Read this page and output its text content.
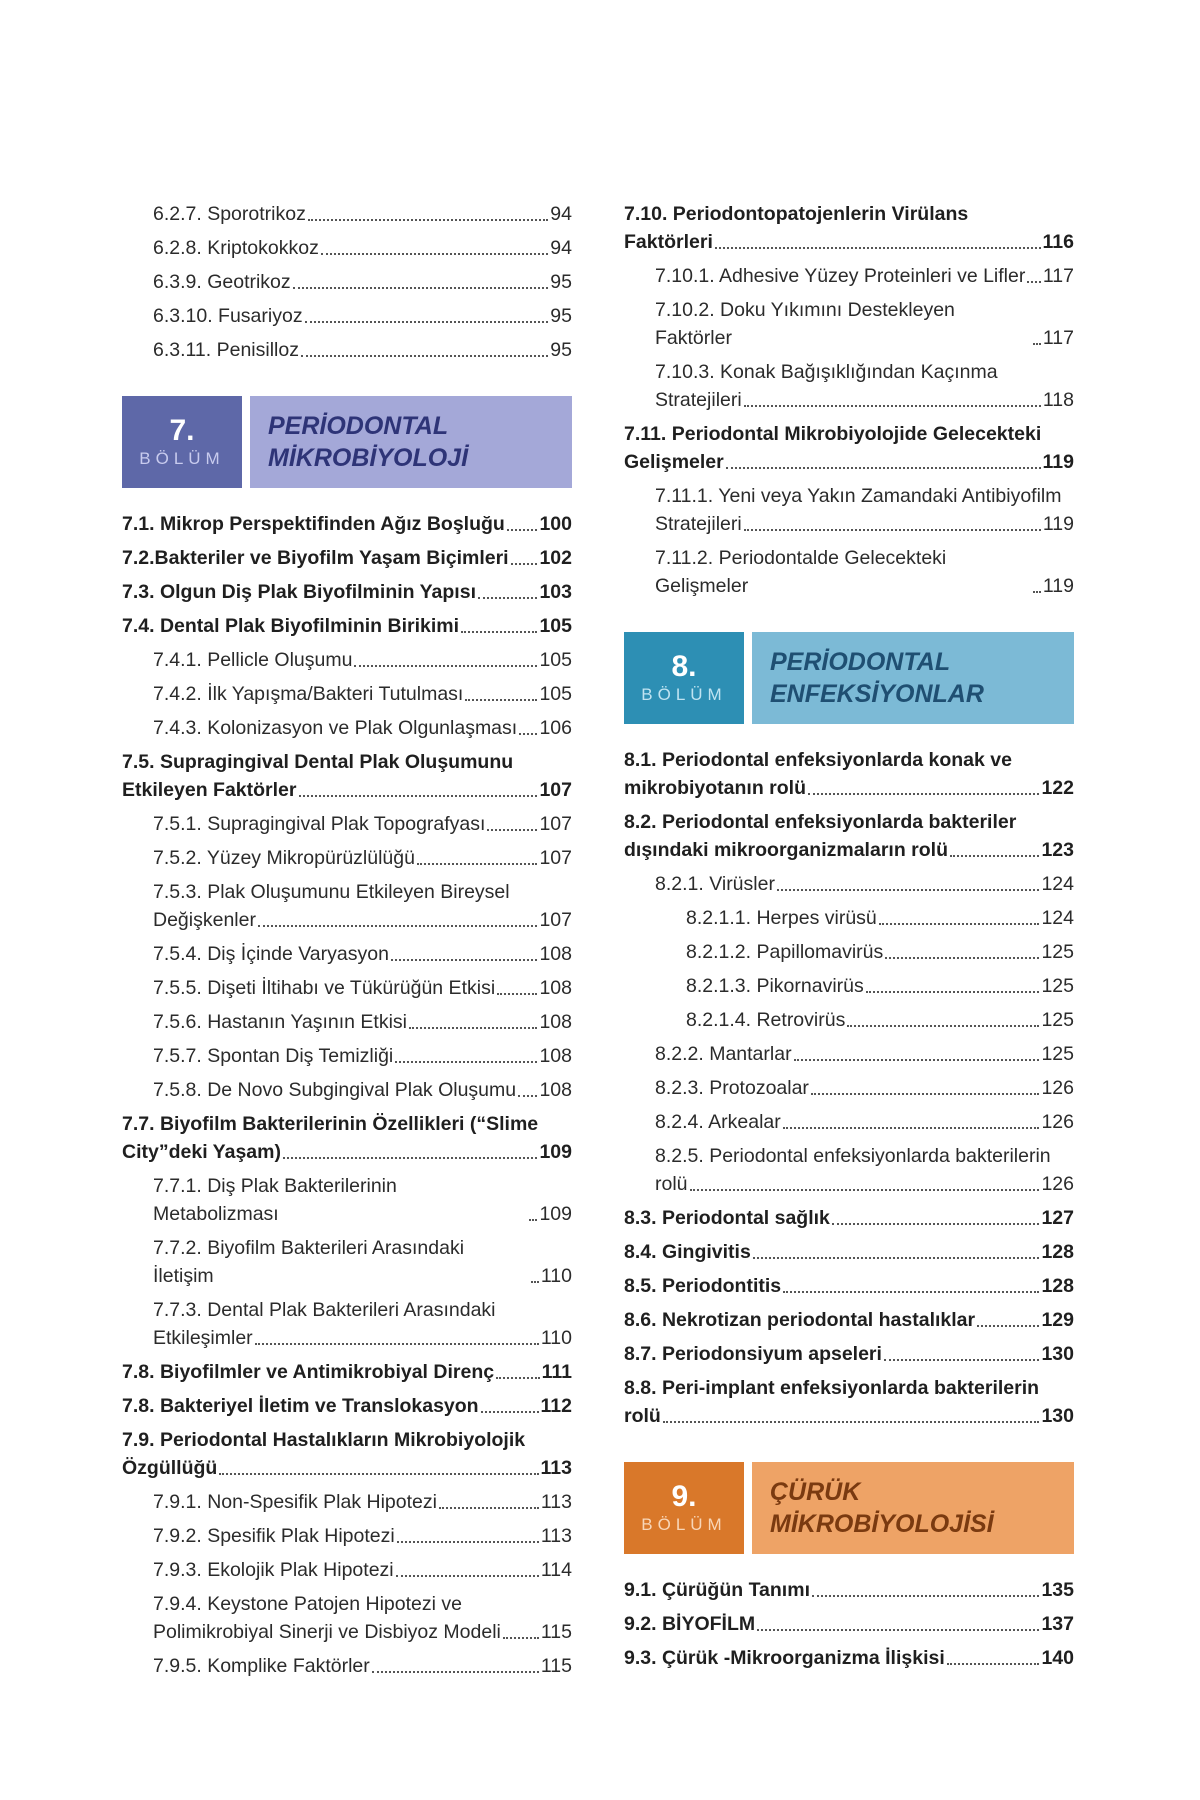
6.2.7. Sporotrikoz	94
6.2.8. Kriptokokkoz	94
6.3.9. Geotrikoz	95
6.3.10. Fusariyoz	95
6.3.11. Penisilloz	95
7.
BÖLÜM
PERİODONTAL
MİKROBİYOLOJİ
7.1. Mikrop Perspektifinden Ağız Boşluğu 100
7.2.Bakteriler ve Biyofilm Yaşam Biçimleri 102
7.3. Olgun Diş Plak Biyofilminin Yapısı	103
7.4. Dental Plak Biyofilminin Birikimi	105
7.4.1. Pellicle Oluşumu	105
7.4.2. İlk Yapışma/Bakteri Tutulması	105
7.4.3. Kolonizasyon ve Plak Olgunlaşması 106
7.5. Supragingival Dental Plak Oluşumunu
Etkileyen Faktörler	107
7.5.1. Supragingival Plak Topografyası	107
7.5.2. Yüzey Mikropürüzlülüğü	107
7.5.3. Plak Oluşumunu Etkileyen Bireysel
Değişkenler	107
7.5.4. Diş İçinde Varyasyon	108
7.5.5. Dişeti İltihabı ve Tükürüğün Etkisi 108
7.5.6. Hastanın Yaşının Etkisi	108
7.5.7. Spontan Diş Temizliği	108
7.5.8. De Novo Subgingival Plak Oluşumu 108
7.7. Biyofilm Bakterilerinin Özellikleri (“Slime
City”deki Yaşam)	109
7.7.1. Diş Plak Bakterilerinin Metabolizması	109
7.7.2. Biyofilm Bakterileri Arasındaki İletişim	110
7.7.3. Dental Plak Bakterileri Arasındaki
Etkileşimler	110
7.8. Biyofilmler ve Antimikrobiyal Direnç 111
7.8. Bakteriyel İletim ve Translokasyon	112
7.9. Periodontal Hastalıkların Mikrobiyolojik
Özgüllüğü	113
7.9.1. Non-Spesifik Plak Hipotezi	113
7.9.2. Spesifik Plak Hipotezi	113
7.9.3. Ekolojik Plak Hipotezi	114
7.9.4. Keystone Patojen Hipotezi ve
Polimikrobiyal Sinerji ve Disbiyoz Modeli 115
7.9.5. Komplike Faktörler	115
7.10. Periodontopatojenlerin Virülans
Faktörleri	116
7.10.1. Adhesive Yüzey Proteinleri ve Lifler 117
7.10.2. Doku Yıkımını Destekleyen Faktörler	117
7.10.3. Konak Bağışıklığından Kaçınma
Stratejileri	118
7.11. Periodontal Mikrobiyolojide Gelecekteki
Gelişmeler	119
7.11.1. Yeni veya Yakın Zamandaki Antibiyofilm
Stratejileri	119
7.11.2. Periodontalde Gelecekteki Gelişmeler	119
8.
BÖLÜM
PERİODONTAL
ENFEKSİYONLAR
8.1. Periodontal enfeksiyonlarda konak ve
mikrobiyotanın rolü	122
8.2. Periodontal enfeksiyonlarda bakteriler
dışındaki mikroorganizmaların rolü	123
8.2.1. Virüsler	124
8.2.1.1. Herpes virüsü	124
8.2.1.2. Papillomavirüs	125
8.2.1.3. Pikornavirüs	125
8.2.1.4. Retrovirüs	125
8.2.2. Mantarlar	125
8.2.3. Protozoalar	126
8.2.4. Arkealar	126
8.2.5. Periodontal enfeksiyonlarda bakterilerin
rolü	126
8.3. Periodontal sağlık	127
8.4. Gingivitis	128
8.5. Periodontitis	128
8.6. Nekrotizan periodontal hastalıklar	129
8.7. Periodonsiyum apseleri	130
8.8. Peri-implant enfeksiyonlarda bakterilerin
rolü	130
9.
BÖLÜM
ÇÜRÜK MİKROBİYOLOJİSİ
9.1. Çürüğün Tanımı	135
9.2. BİYOFİLM	137
9.3. Çürük -Mikroorganizma İlişkisi	140
